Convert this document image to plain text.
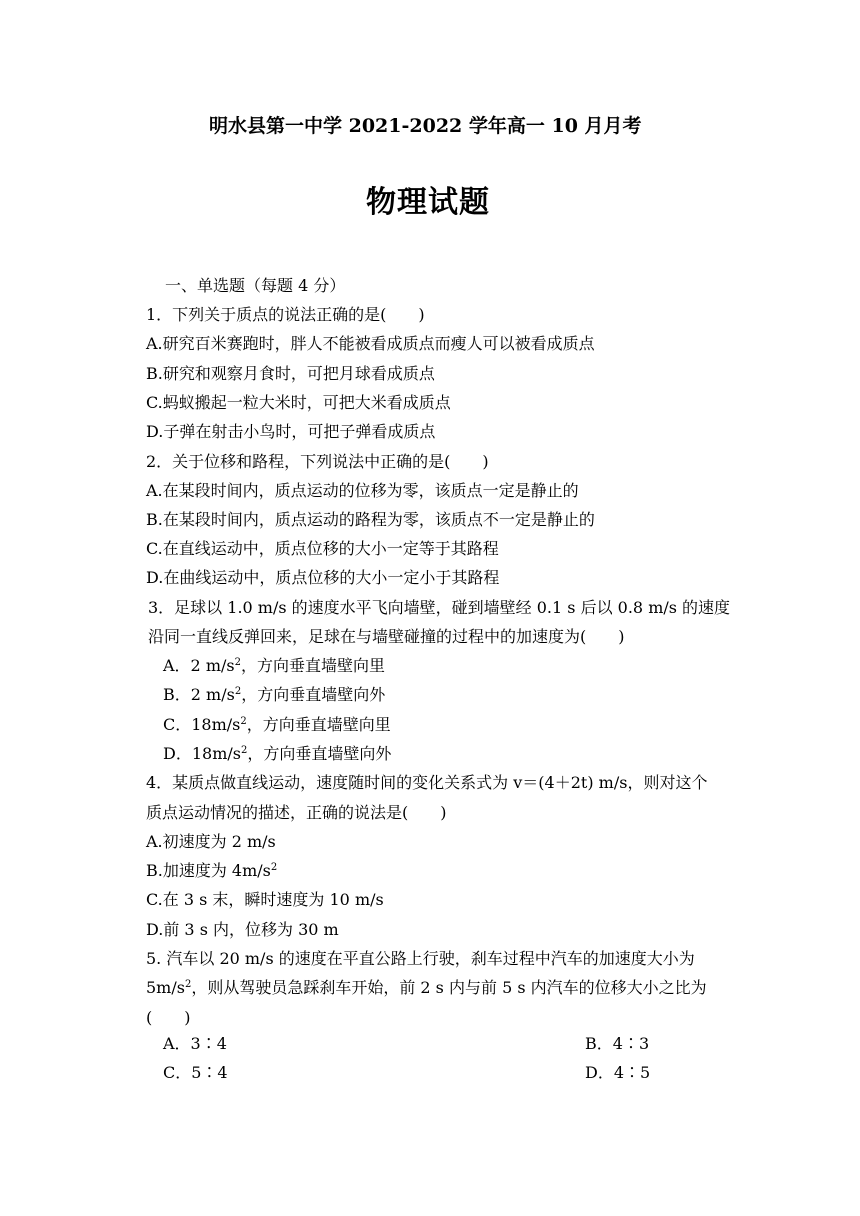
明水县第一中学 2021-2022 学年高一 10 月月考
物理试题
一、单选题（每题 4 分）
1．下列关于质点的说法正确的是(　　)
A.研究百米赛跑时，胖人不能被看成质点而瘦人可以被看成质点
B.研究和观察月食时，可把月球看成质点
C.蚂蚁搬起一粒大米时，可把大米看成质点
D.子弹在射击小鸟时，可把子弹看成质点
2．关于位移和路程，下列说法中正确的是(　　)
A.在某段时间内，质点运动的位移为零，该质点一定是静止的
B.在某段时间内，质点运动的路程为零，该质点不一定是静止的
C.在直线运动中，质点位移的大小一定等于其路程
D.在曲线运动中，质点位移的大小一定小于其路程
3．足球以 1.0 m/s 的速度水平飞向墙壁，碰到墙壁经 0.1 s 后以 0.8 m/s 的速度
沿同一直线反弹回来，足球在与墙壁碰撞的过程中的加速度为(　　)
A．2 $m/s^2$，方向垂直墙壁向里
B．2 $m/s^2$，方向垂直墙壁向外
C．$18m/s^2$，方向垂直墙壁向里
D．$18m/s^2$，方向垂直墙壁向外
4．某质点做直线运动，速度随时间的变化关系式为 v＝(4＋2t) m/s，则对这个
质点运动情况的描述，正确的说法是(　　)
A.初速度为 2 m/s
B.加速度为 $4m/s^2$
C.在 3 s 末，瞬时速度为 10 m/s
D.前 3 s 内，位移为 30 m
5. 汽车以 20 m/s 的速度在平直公路上行驶，刹车过程中汽车的加速度大小为
$5m/s^2$，则从驾驶员急踩刹车开始，前 2 s 内与前 5 s 内汽车的位移大小之比为
(　　)
A．3∶4	B．4∶3
C．5∶4	D．4∶5
